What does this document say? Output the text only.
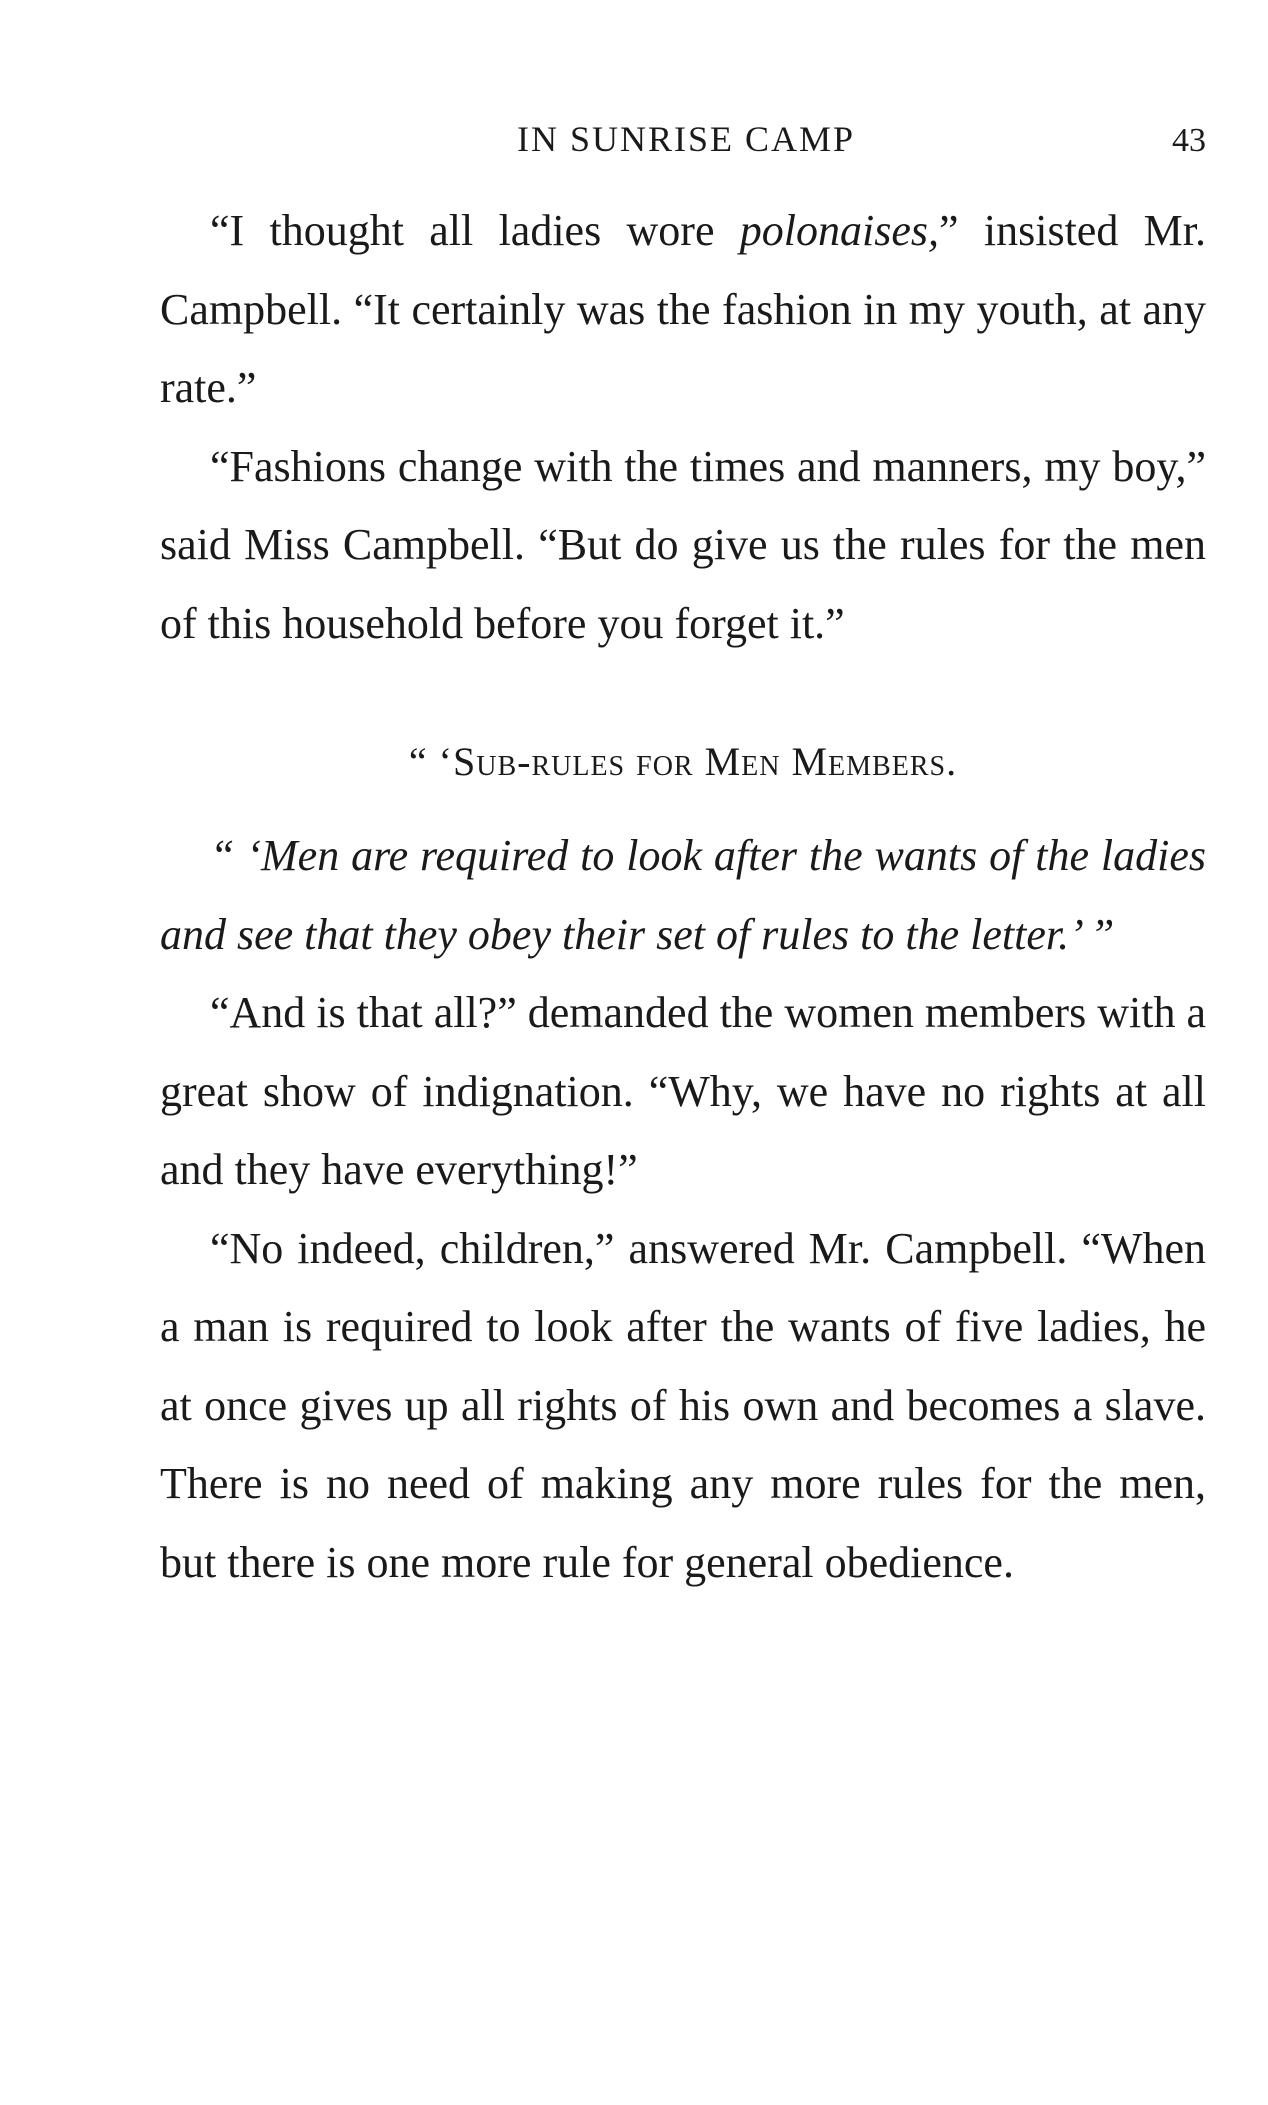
IN SUNRISE CAMP	43

“I thought all ladies wore polonaises,” insisted Mr. Campbell. “It certainly was the fashion in my youth, at any rate.”

“Fashions change with the times and manners, my boy,” said Miss Campbell. “But do give us the rules for the men of this household before you forget it.”

“ ‘Sub-rules for Men Members.

“ ‘Men are required to look after the wants of the ladies and see that they obey their set of rules to the letter.’ ”

“And is that all?” demanded the women members with a great show of indignation. “Why, we have no rights at all and they have everything!”

“No indeed, children,” answered Mr. Campbell. “When a man is required to look after the wants of five ladies, he at once gives up all rights of his own and becomes a slave. There is no need of making any more rules for the men, but there is one more rule for general obedience.
